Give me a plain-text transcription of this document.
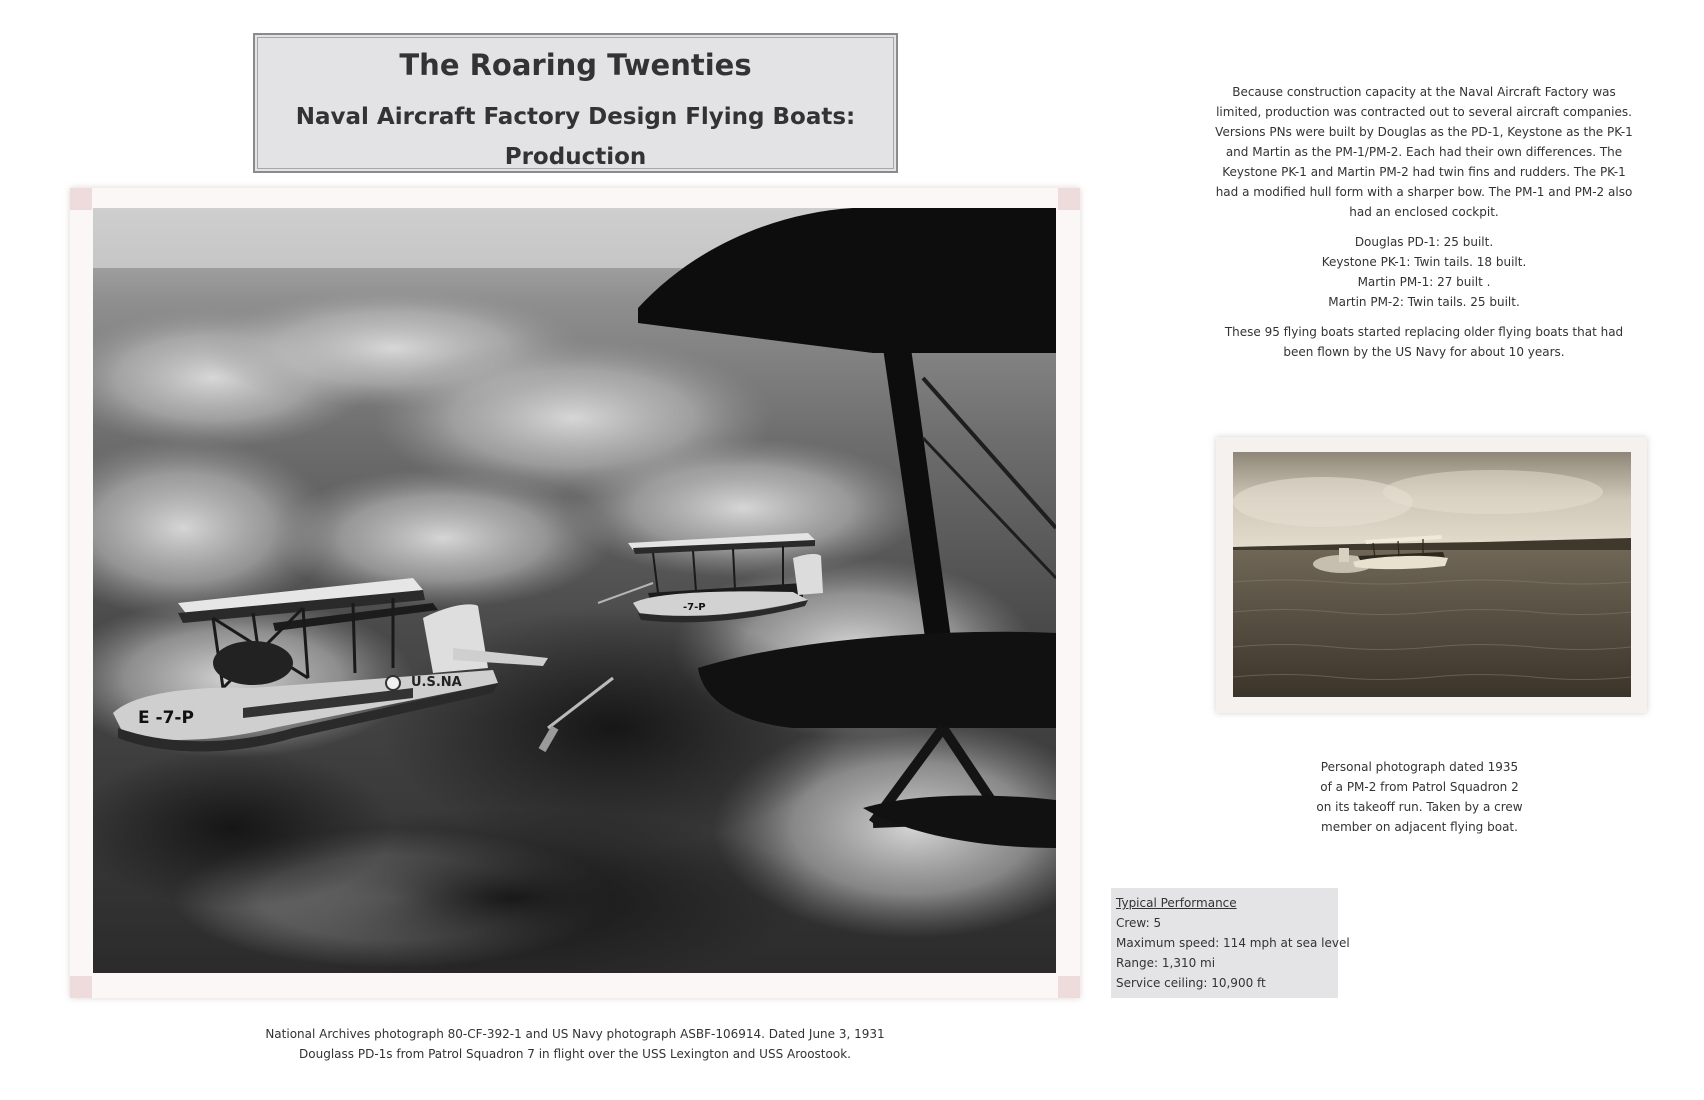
The Roaring Twenties
Naval Aircraft Factory Design Flying Boats:
Production
E -7-P
U.S.NA
-7-P
National Archives photograph 80-CF-392-1 and US Navy photograph ASBF-106914. Dated June 3, 1931
Douglass PD-1s from Patrol Squadron 7 in flight over the USS Lexington and USS Aroostook.

Because construction capacity at the Naval Aircraft Factory was limited, production was contracted out to several aircraft companies. Versions PNs were built by Douglas as the PD-1, Keystone as the PK-1 and Martin as the PM-1/PM-2. Each had their own differences. The Keystone PK-1 and Martin PM-2 had twin fins and rudders. The PK-1 had a modified hull form with a sharper bow. The PM-1 and PM-2 also had an enclosed cockpit.

Douglas PD-1: 25 built.
Keystone PK-1: Twin tails. 18 built.
Martin PM-1: 27 built .
Martin PM-2: Twin tails. 25 built.

These 95 flying boats started replacing older flying boats that had been flown by the US Navy for about 10 years.

Personal photograph dated 1935
of a PM-2 from Patrol Squadron 2
on its takeoff run. Taken by a crew
member on adjacent flying boat.
Typical Performance
Crew: 5
Maximum speed: 114 mph at sea level
Range: 1,310 mi
Service ceiling: 10,900 ft
